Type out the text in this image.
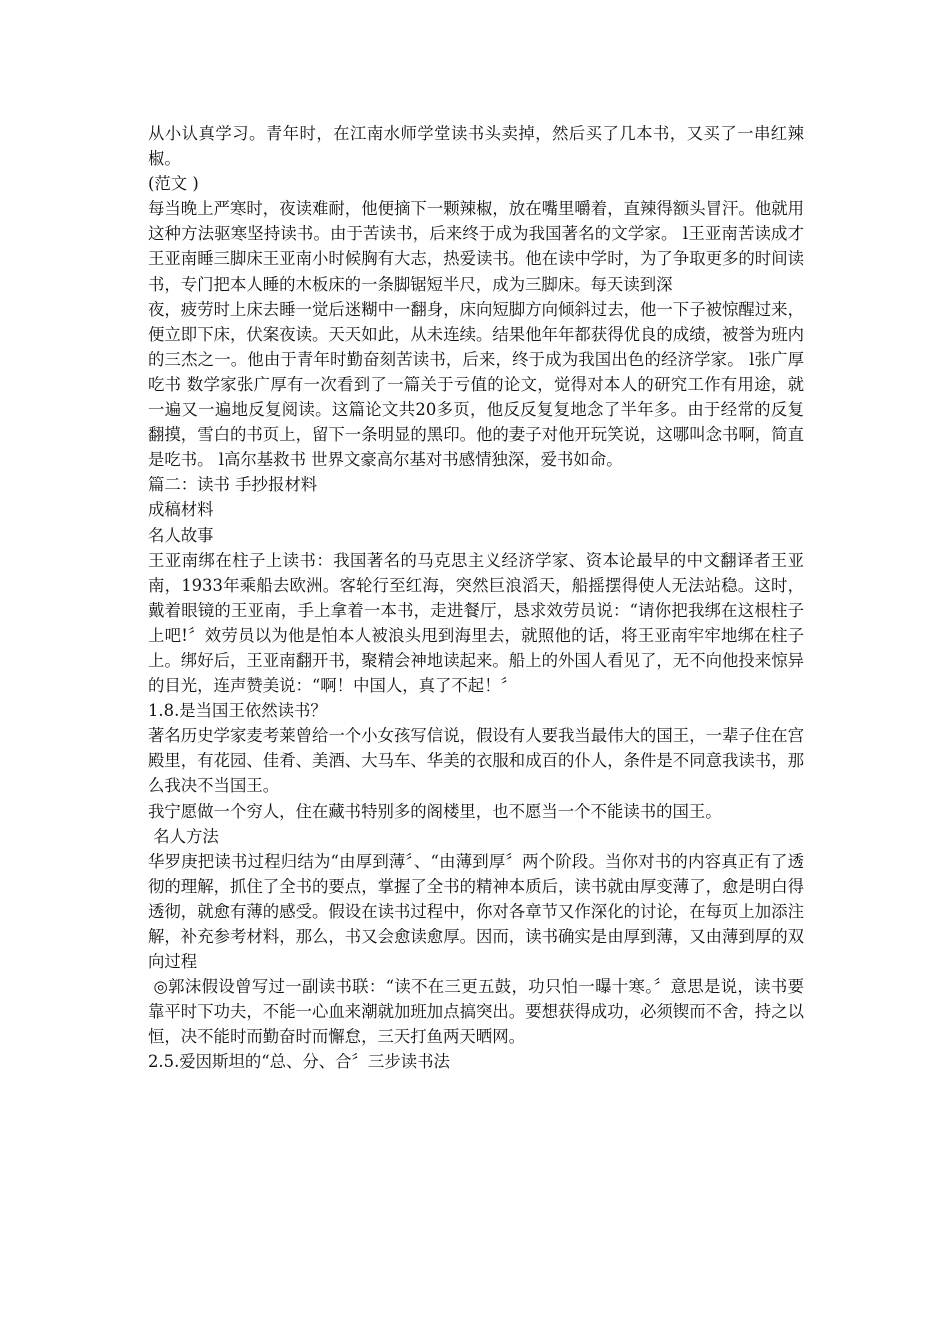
从小认真学习。青年时，在江南水师学堂读书头卖掉，然后买了几本书，又买了一串红辣椒。

(范文 )

每当晚上严寒时，夜读难耐，他便摘下一颗辣椒，放在嘴里嚼着，直辣得额头冒汗。他就用这种方法驱寒坚持读书。由于苦读书，后来终于成为我国著名的文学家。 l王亚南苦读成才 王亚南睡三脚床王亚南小时候胸有大志，热爱读书。他在读中学时，为了争取更多的时间读书，专门把本人睡的木板床的一条脚锯短半尺，成为三脚床。每天读到深

夜，疲劳时上床去睡一觉后迷糊中一翻身，床向短脚方向倾斜过去，他一下子被惊醒过来，便立即下床，伏案夜读。天天如此，从未连续。结果他年年都获得优良的成绩，被誉为班内的三杰之一。他由于青年时勤奋刻苦读书，后来，终于成为我国出色的经济学家。 l张广厚吃书 数学家张广厚有一次看到了一篇关于亏值的论文，觉得对本人的研究工作有用途，就一遍又一遍地反复阅读。这篇论文共20多页，他反反复复地念了半年多。由于经常的反复翻摸，雪白的书页上，留下一条明显的黑印。他的妻子对他开玩笑说，这哪叫念书啊，简直是吃书。 l高尔基救书 世界文豪高尔基对书感情独深，爱书如命。

篇二：读书 手抄报材料

成稿材料

名人故事

王亚南绑在柱子上读书：我国著名的马克思主义经济学家、资本论最早的中文翻译者王亚南，1933年乘船去欧洲。客轮行至红海，突然巨浪滔天，船摇摆得使人无法站稳。这时，戴着眼镜的王亚南，手上拿着一本书，走进餐厅，恳求效劳员说：“请你把我绑在这根柱子上吧!〞效劳员以为他是怕本人被浪头甩到海里去，就照他的话，将王亚南牢牢地绑在柱子上。绑好后，王亚南翻开书，聚精会神地读起来。船上的外国人看见了，无不向他投来惊异的目光，连声赞美说：“啊！中国人，真了不起！〞

1.8.是当国王依然读书？

著名历史学家麦考莱曾给一个小女孩写信说，假设有人要我当最伟大的国王，一辈子住在宫殿里，有花园、佳肴、美酒、大马车、华美的衣服和成百的仆人，条件是不同意我读书，那么我决不当国王。

我宁愿做一个穷人，住在藏书特别多的阁楼里，也不愿当一个不能读书的国王。

名人方法

华罗庚把读书过程归结为“由厚到薄〞、“由薄到厚〞两个阶段。当你对书的内容真正有了透彻的理解，抓住了全书的要点，掌握了全书的精神本质后，读书就由厚变薄了，愈是明白得透彻，就愈有薄的感受。假设在读书过程中，你对各章节又作深化的讨论，在每页上加添注解，补充参考材料，那么，书又会愈读愈厚。因而，读书确实是由厚到薄，又由薄到厚的双向过程

◎郭沫假设曾写过一副读书联：“读不在三更五鼓，功只怕一曝十寒。〞意思是说，读书要靠平时下功夫，不能一心血来潮就加班加点搞突出。要想获得成功，必须锲而不舍，持之以恒，决不能时而勤奋时而懈怠，三天打鱼两天晒网。

2.5.爱因斯坦的“总、分、合〞三步读书法
